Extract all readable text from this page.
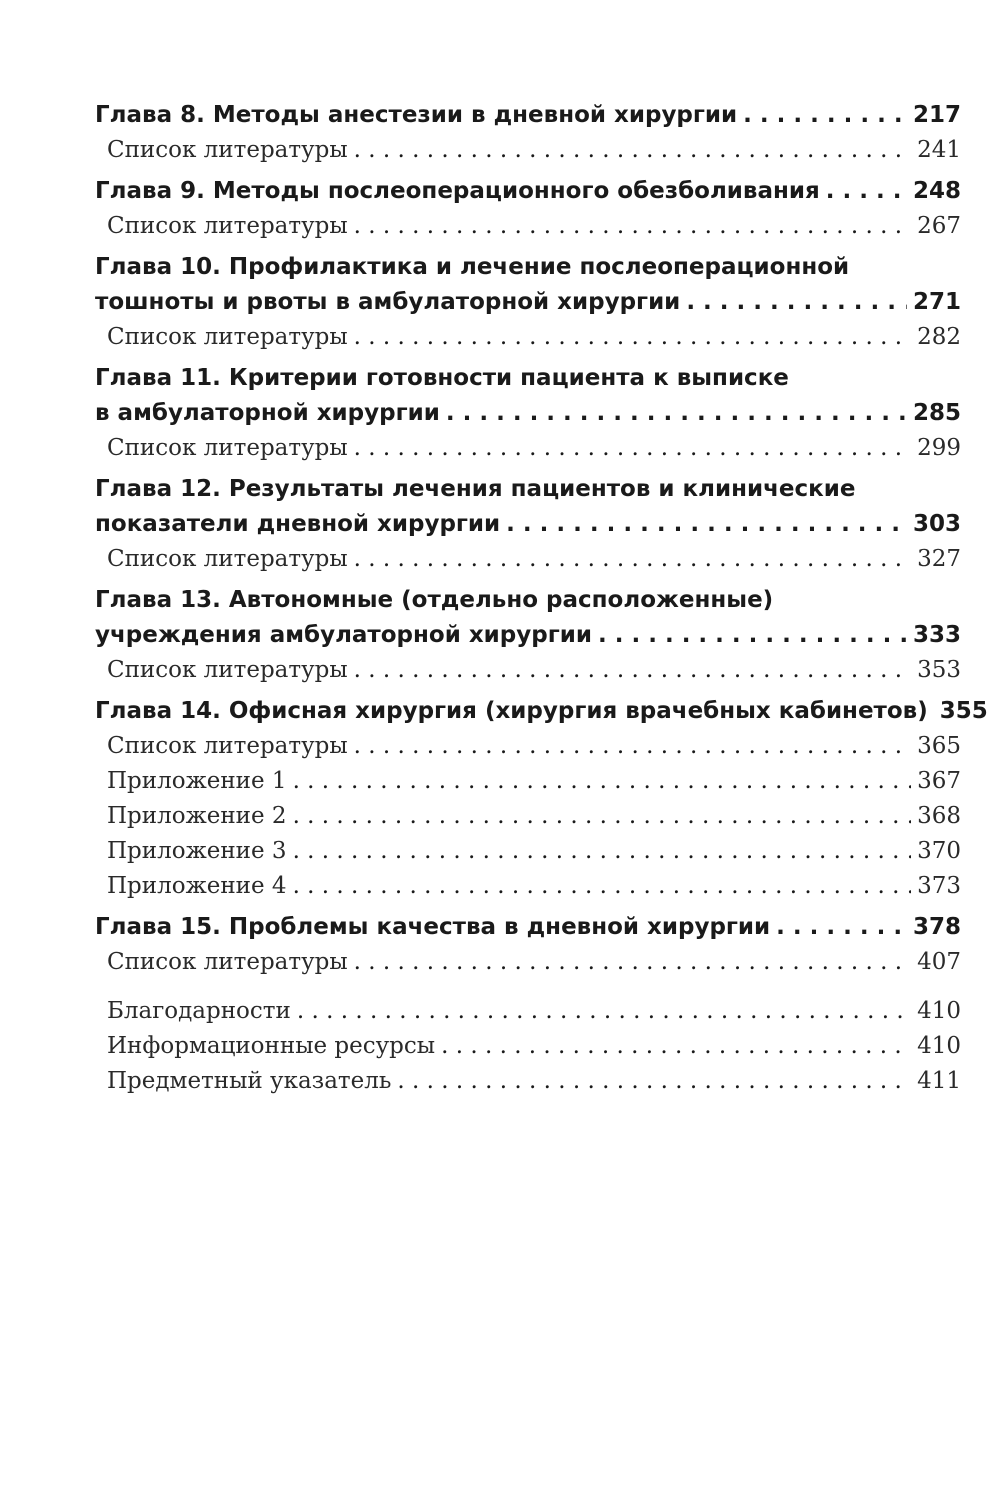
Глава 8. Методы анестезии в дневной хирургии . . .	217
Список литературы . . .	241
Глава 9. Методы послеоперационного обезболивания . . .	248
Список литературы . . .	267
Глава 10. Профилактика и лечение послеоперационной
тошноты и рвоты в амбулаторной хирургии . . .	271
Список литературы . . .	282
Глава 11. Критерии готовности пациента к выписке
в амбулаторной хирургии . . .	285
Список литературы . . .	299
Глава 12. Результаты лечения пациентов и клинические
показатели дневной хирургии . . .	303
Список литературы . . .	327
Глава 13. Автономные (отдельно расположенные)
учреждения амбулаторной хирургии . . .	333
Список литературы . . .	353
Глава 14. Офисная хирургия (хирургия врачебных кабинетов) 355
Список литературы . . .	365
Приложение 1 . . .	367
Приложение 2 . . .	368
Приложение 3 . . .	370
Приложение 4 . . .	373
Глава 15. Проблемы качества в дневной хирургии . . .	378
Список литературы . . .	407
Благодарности . . .	410
Информационные ресурсы . . .	410
Предметный указатель . . .	411
